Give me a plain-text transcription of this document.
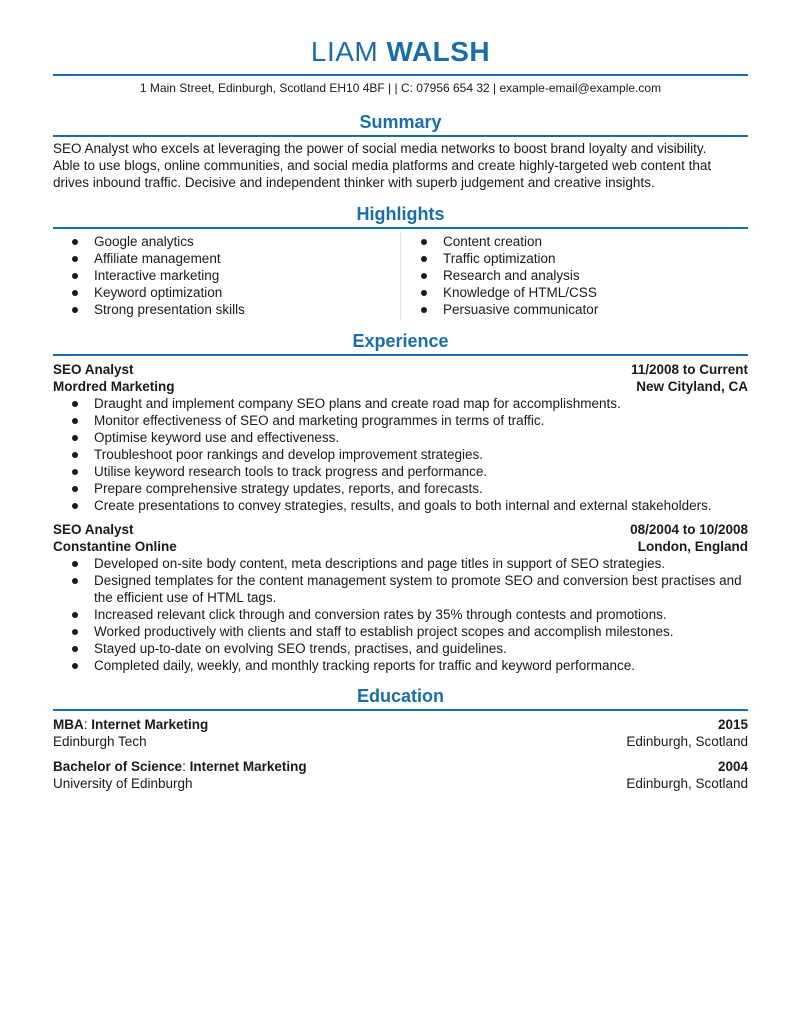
LIAM WALSH
1 Main Street, Edinburgh, Scotland EH10 4BF | | C: 07956 654 32 | example-email@example.com
Summary
SEO Analyst who excels at leveraging the power of social media networks to boost brand loyalty and visibility.
Able to use blogs, online communities, and social media platforms and create highly-targeted web content that
drives inbound traffic. Decisive and independent thinker with superb judgement and creative insights.
Highlights
Google analytics
Affiliate management
Interactive marketing
Keyword optimization
Strong presentation skills
Content creation
Traffic optimization
Research and analysis
Knowledge of HTML/CSS
Persuasive communicator
Experience
SEO Analyst	11/2008 to Current
Mordred Marketing	New Cityland, CA
Draught and implement company SEO plans and create road map for accomplishments.
Monitor effectiveness of SEO and marketing programmes in terms of traffic.
Optimise keyword use and effectiveness.
Troubleshoot poor rankings and develop improvement strategies.
Utilise keyword research tools to track progress and performance.
Prepare comprehensive strategy updates, reports, and forecasts.
Create presentations to convey strategies, results, and goals to both internal and external stakeholders.
SEO Analyst	08/2004 to 10/2008
Constantine Online	London, England
Developed on-site body content, meta descriptions and page titles in support of SEO strategies.
Designed templates for the content management system to promote SEO and conversion best practises and the efficient use of HTML tags.
Increased relevant click through and conversion rates by 35% through contests and promotions.
Worked productively with clients and staff to establish project scopes and accomplish milestones.
Stayed up-to-date on evolving SEO trends, practises, and guidelines.
Completed daily, weekly, and monthly tracking reports for traffic and keyword performance.
Education
MBA: Internet Marketing	2015
Edinburgh Tech	Edinburgh, Scotland
Bachelor of Science: Internet Marketing	2004
University of Edinburgh	Edinburgh, Scotland
